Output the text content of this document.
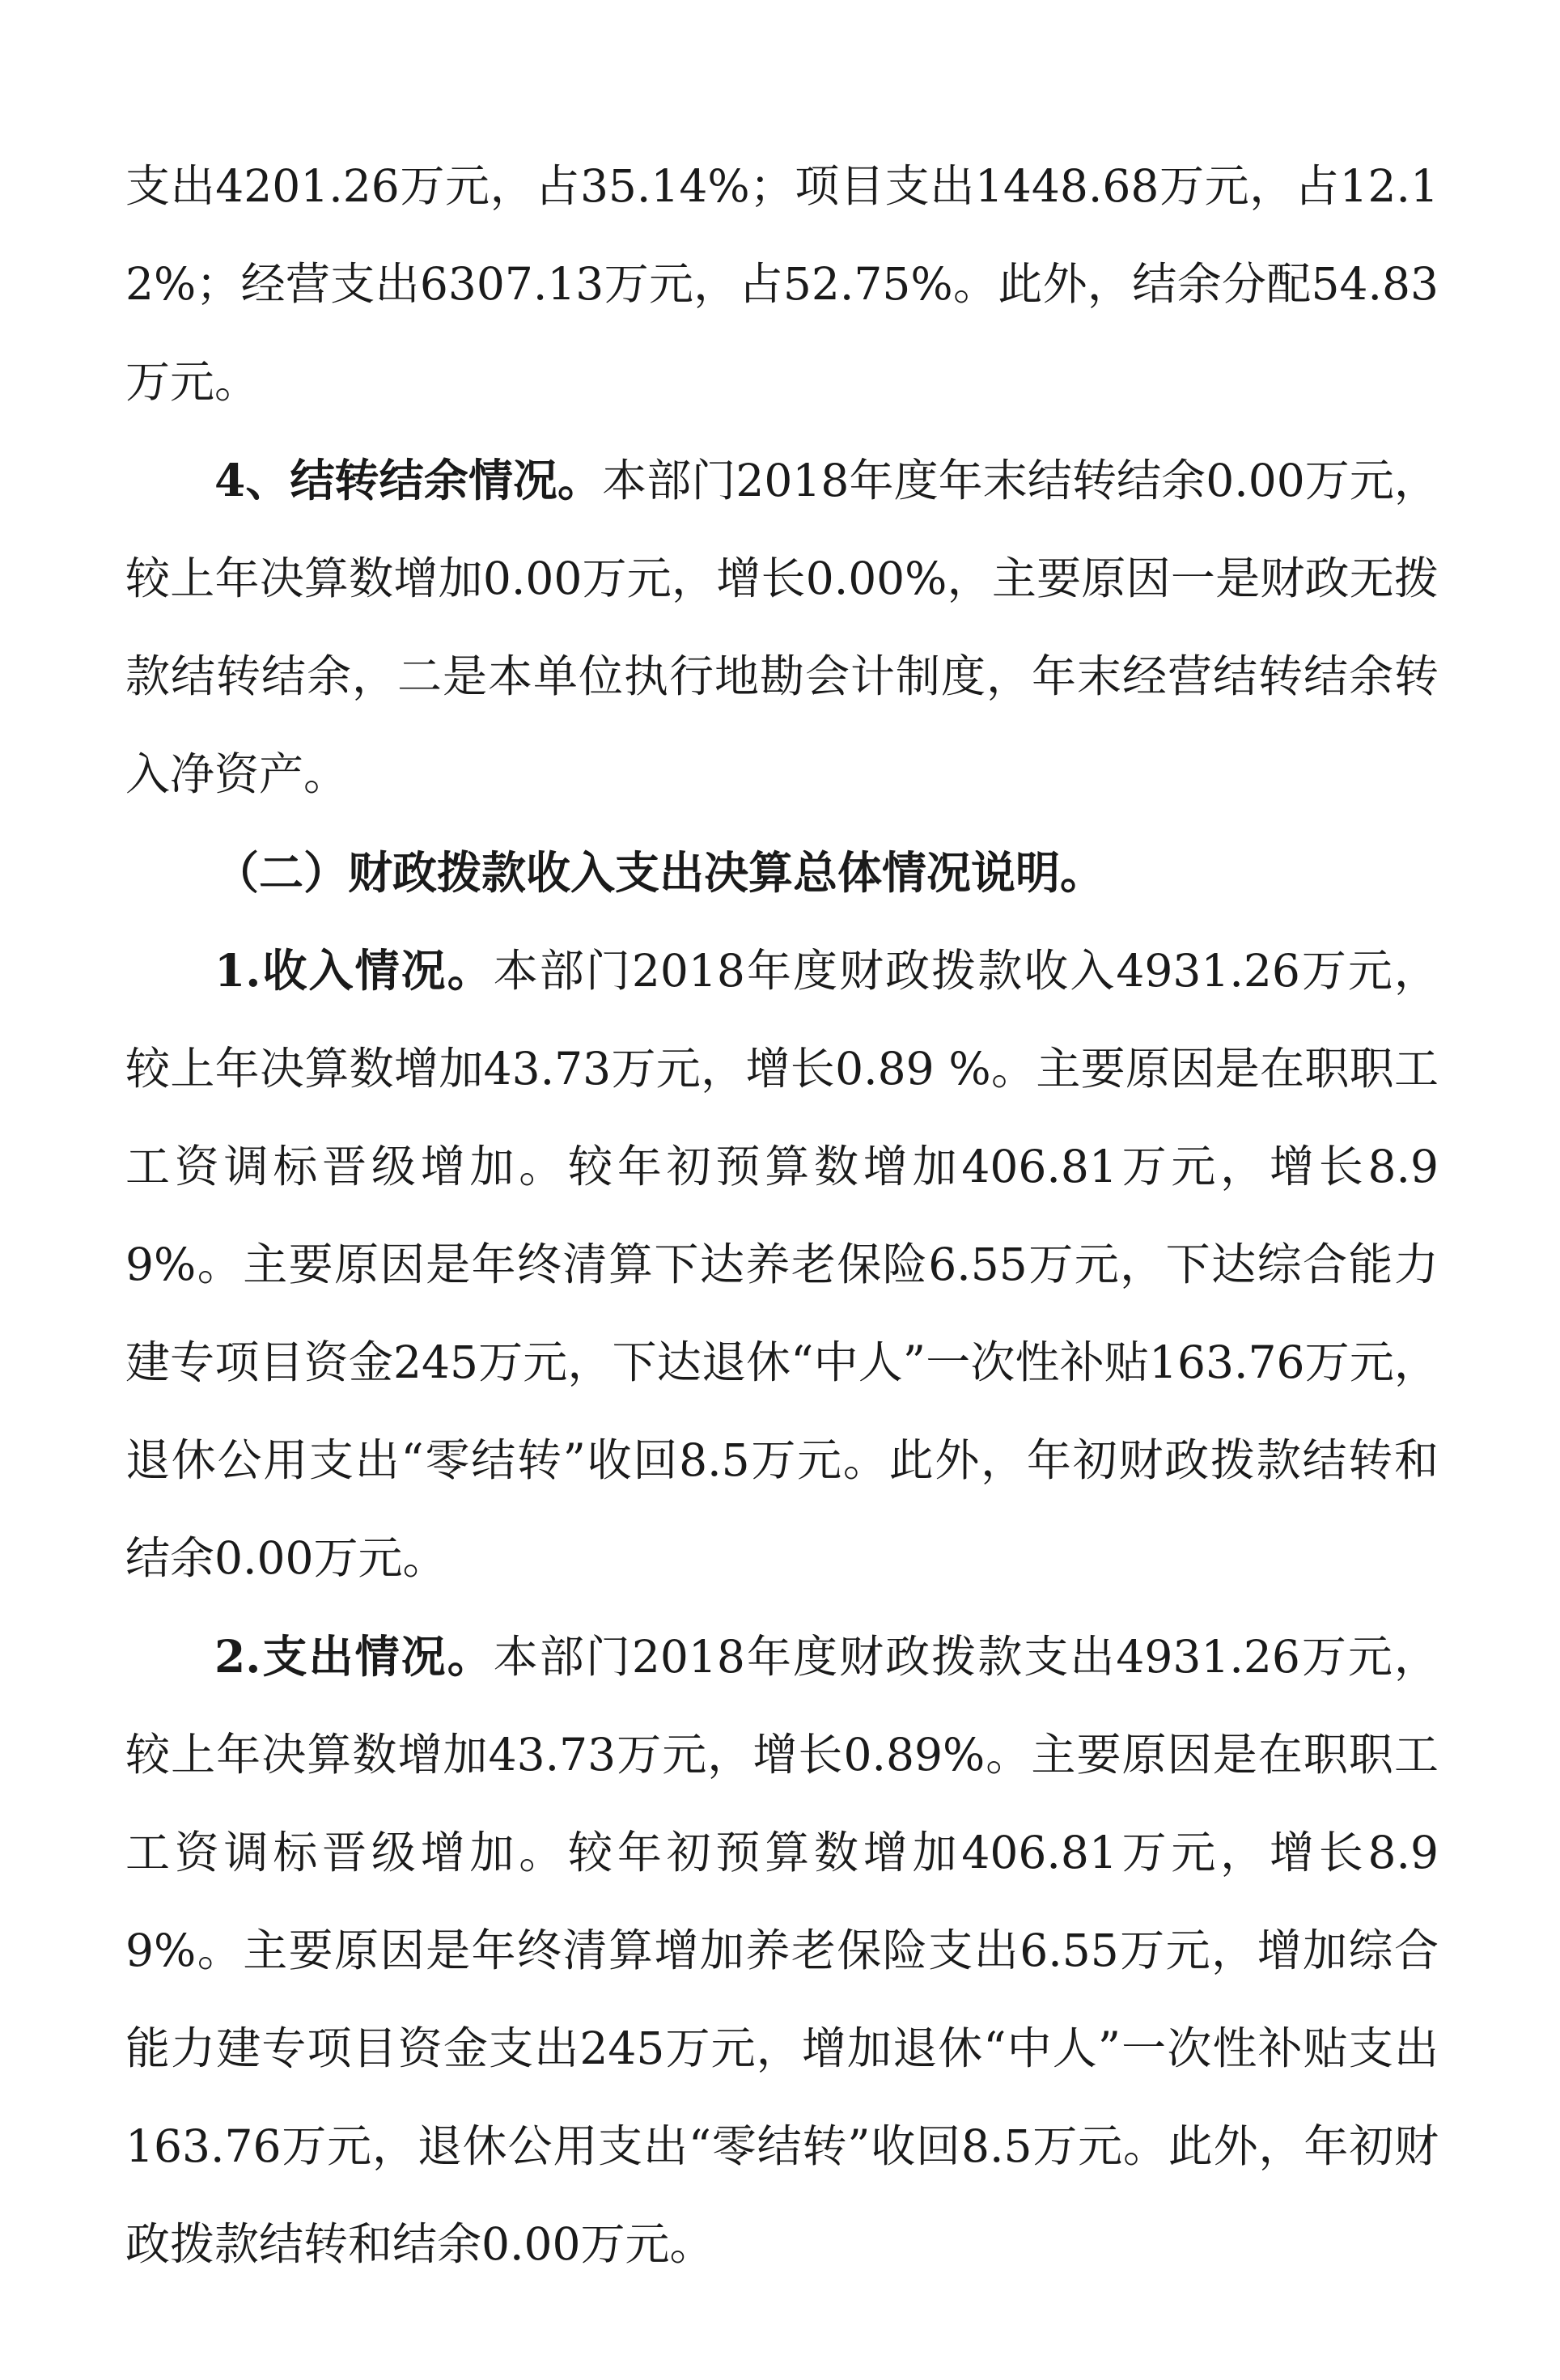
支出4201.26万元，占35.14%；项目支出1448.68万元，占12.12%；经营支出6307.13万元，占52.75%。此外，结余分配54.83万元。

4、结转结余情况。本部门2018年度年末结转结余0.00万元，较上年决算数增加0.00万元，增长0.00%，主要原因一是财政无拨款结转结余，二是本单位执行地勘会计制度，年末经营结转结余转入净资产。

（二）财政拨款收入支出决算总体情况说明。

1.收入情况。本部门2018年度财政拨款收入4931.26万元，较上年决算数增加43.73万元，增长0.89 %。主要原因是在职职工工资调标晋级增加。较年初预算数增加406.81万元，增长8.99%。主要原因是年终清算下达养老保险6.55万元，下达综合能力建专项目资金245万元，下达退休“中人”一次性补贴163.76万元，退休公用支出“零结转”收回8.5万元。此外，年初财政拨款结转和结余0.00万元。

2.支出情况。本部门2018年度财政拨款支出4931.26万元，较上年决算数增加43.73万元，增长0.89%。主要原因是在职职工工资调标晋级增加。较年初预算数增加406.81万元，增长8.99%。主要原因是年终清算增加养老保险支出6.55万元，增加综合能力建专项目资金支出245万元，增加退休“中人”一次性补贴支出163.76万元，退休公用支出“零结转”收回8.5万元。此外，年初财政拨款结转和结余0.00万元。
